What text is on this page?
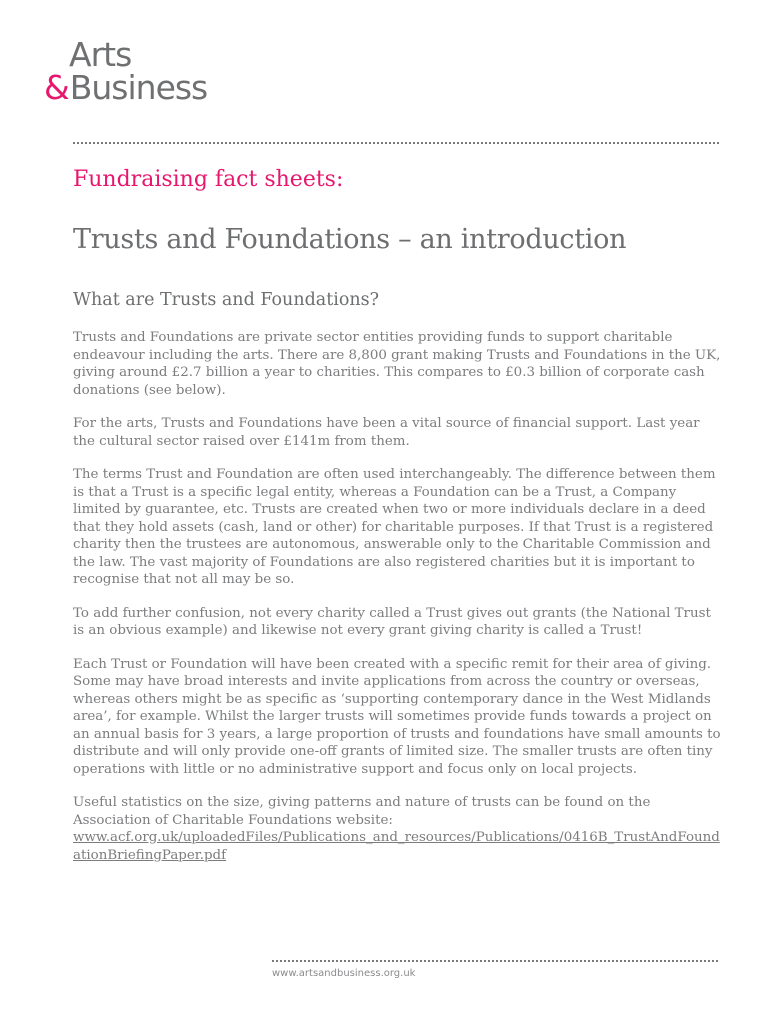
Arts
&Business
Fundraising fact sheets:
Trusts and Foundations – an introduction
What are Trusts and Foundations?

Trusts and Foundations are private sector entities providing funds to support charitable endeavour including the arts. There are 8,800 grant making Trusts and Foundations in the UK, giving around £2.7 billion a year to charities. This compares to £0.3 billion of corporate cash donations (see below).

For the arts, Trusts and Foundations have been a vital source of financial support. Last year the cultural sector raised over £141m from them.

The terms Trust and Foundation are often used interchangeably. The difference between them is that a Trust is a specific legal entity, whereas a Foundation can be a Trust, a Company limited by guarantee, etc. Trusts are created when two or more individuals declare in a deed that they hold assets (cash, land or other) for charitable purposes. If that Trust is a registered charity then the trustees are autonomous, answerable only to the Charitable Commission and the law. The vast majority of Foundations are also registered charities but it is important to recognise that not all may be so.

To add further confusion, not every charity called a Trust gives out grants (the National Trust is an obvious example) and likewise not every grant giving charity is called a Trust!

Each Trust or Foundation will have been created with a specific remit for their area of giving. Some may have broad interests and invite applications from across the country or overseas, whereas others might be as specific as ‘supporting contemporary dance in the West Midlands area’, for example. Whilst the larger trusts will sometimes provide funds towards a project on an annual basis for 3 years, a large proportion of trusts and foundations have small amounts to distribute and will only provide one-off grants of limited size. The smaller trusts are often tiny operations with little or no administrative support and focus only on local projects.

Useful statistics on the size, giving patterns and nature of trusts can be found on the Association of Charitable Foundations website:
www.acf.org.uk/uploadedFiles/Publications_and_resources/Publications/0416B_TrustAndFoundationBriefingPaper.pdf

www.artsandbusiness.org.uk
